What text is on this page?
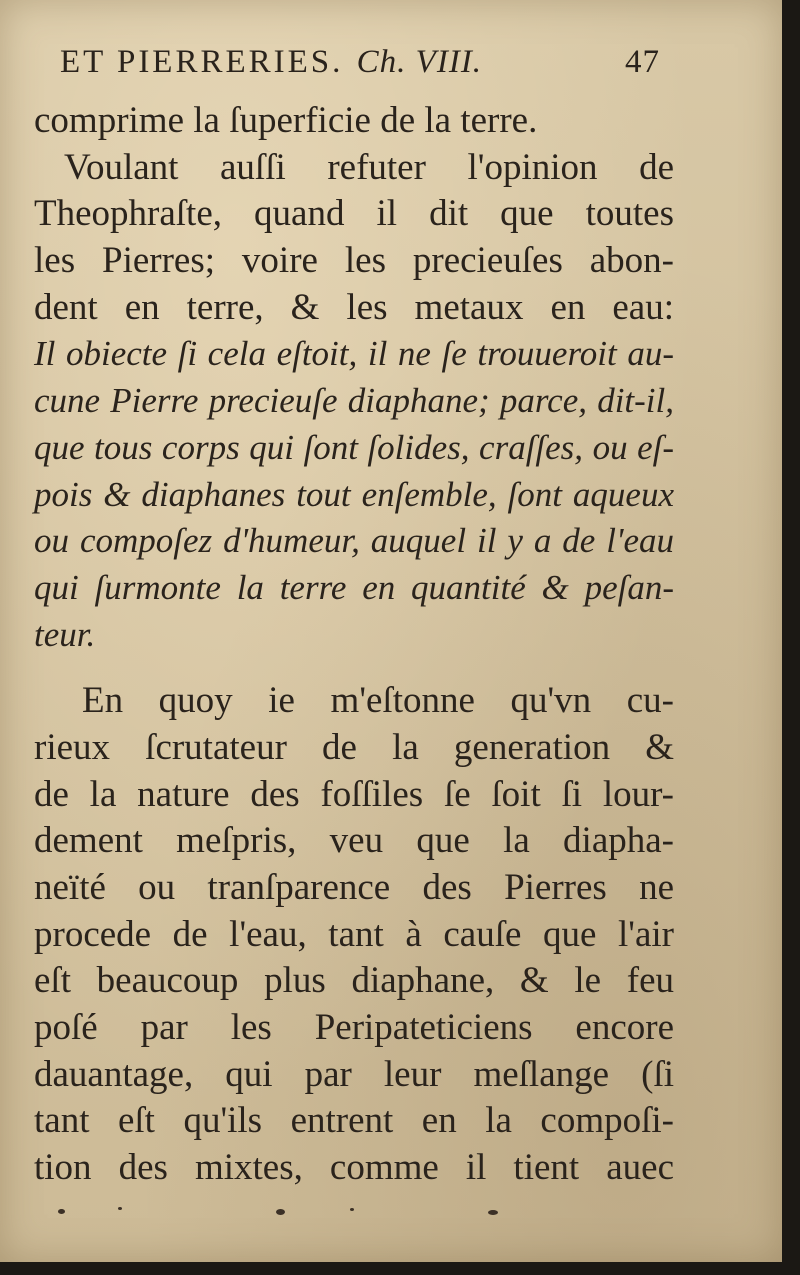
ET PIERRERIES. Ch. VIII.	47
comprime la ſuperficie de la terre.
Voulant auſſi refuter l'opinion de
Theophraſte, quand il dit que toutes
les Pierres; voire les precieuſes abon-
dent en terre, & les metaux en eau:
Il obiecte ſi cela eſtoit, il ne ſe trouueroit au-
cune Pierre precieuſe diaphane; parce, dit-il,
que tous corps qui ſont ſolides, craſſes, ou eſ-
pois & diaphanes tout enſemble, ſont aqueux
ou compoſez d'humeur, auquel il y a de l'eau
qui ſurmonte la terre en quantité & peſan-
teur.
En quoy ie m'eſtonne qu'vn cu-
rieux ſcrutateur de la generation &
de la nature des foſſiles ſe ſoit ſi lour-
dement meſpris, veu que la diapha-
neïté ou tranſparence des Pierres ne
procede de l'eau, tant à cauſe que l'air
eſt beaucoup plus diaphane, & le feu
poſé par les Peripateticiens encore
dauantage, qui par leur meſlange (ſi
tant eſt qu'ils entrent en la compoſi-
tion des mixtes, comme il tient auec
